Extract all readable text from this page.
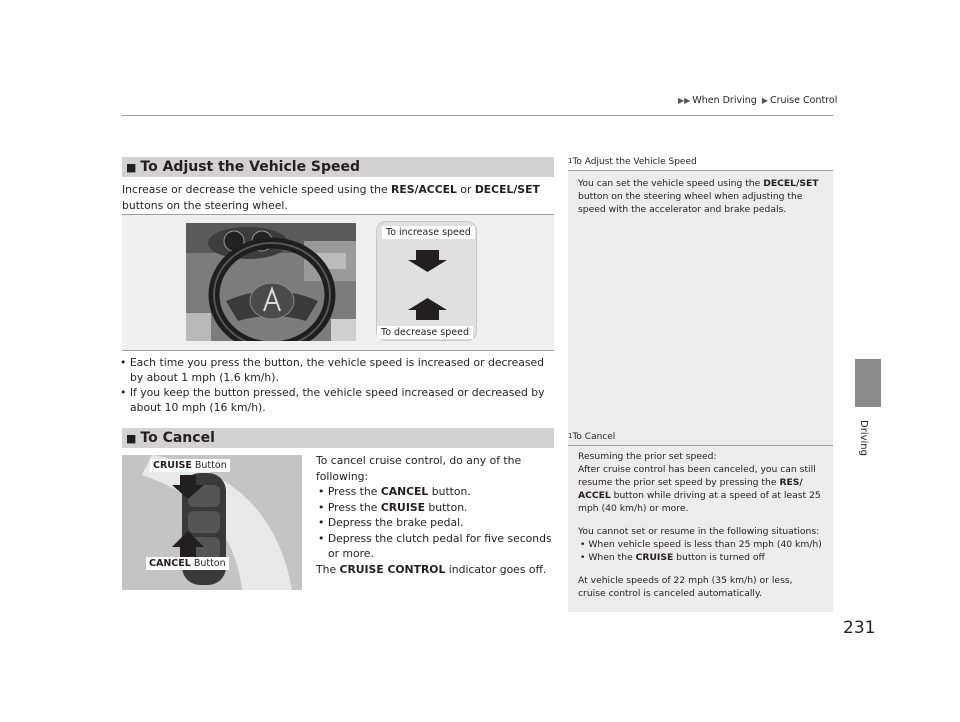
▶▶ When Driving ▶ Cruise Control
Driving
231
■ To Adjust the Vehicle Speed
Increase or decrease the vehicle speed using the RES/ACCEL or DECEL/SET buttons on the steering wheel.
To increase speed
To decrease speed
• Each time you press the button, the vehicle speed is increased or decreased by about 1 mph (1.6 km/h).
• If you keep the button pressed, the vehicle speed increased or decreased by about 10 mph (16 km/h).
$^1$To Adjust the Vehicle Speed
You can set the vehicle speed using the DECEL/SET button on the steering wheel when adjusting the speed with the accelerator and brake pedals.
■ To Cancel
CRUISE Button
CANCEL Button
To cancel cruise control, do any of the following:
• Press the CANCEL button.
• Press the CRUISE button.
• Depress the brake pedal.
• Depress the clutch pedal for five seconds or more.
The CRUISE CONTROL indicator goes off.
$^1$To Cancel
Resuming the prior set speed:
After cruise control has been canceled, you can still resume the prior set speed by pressing the RES/ ACCEL button while driving at a speed of at least 25 mph (40 km/h) or more.
You cannot set or resume in the following situations:
• When vehicle speed is less than 25 mph (40 km/h)
• When the CRUISE button is turned off
At vehicle speeds of 22 mph (35 km/h) or less, cruise control is canceled automatically.
